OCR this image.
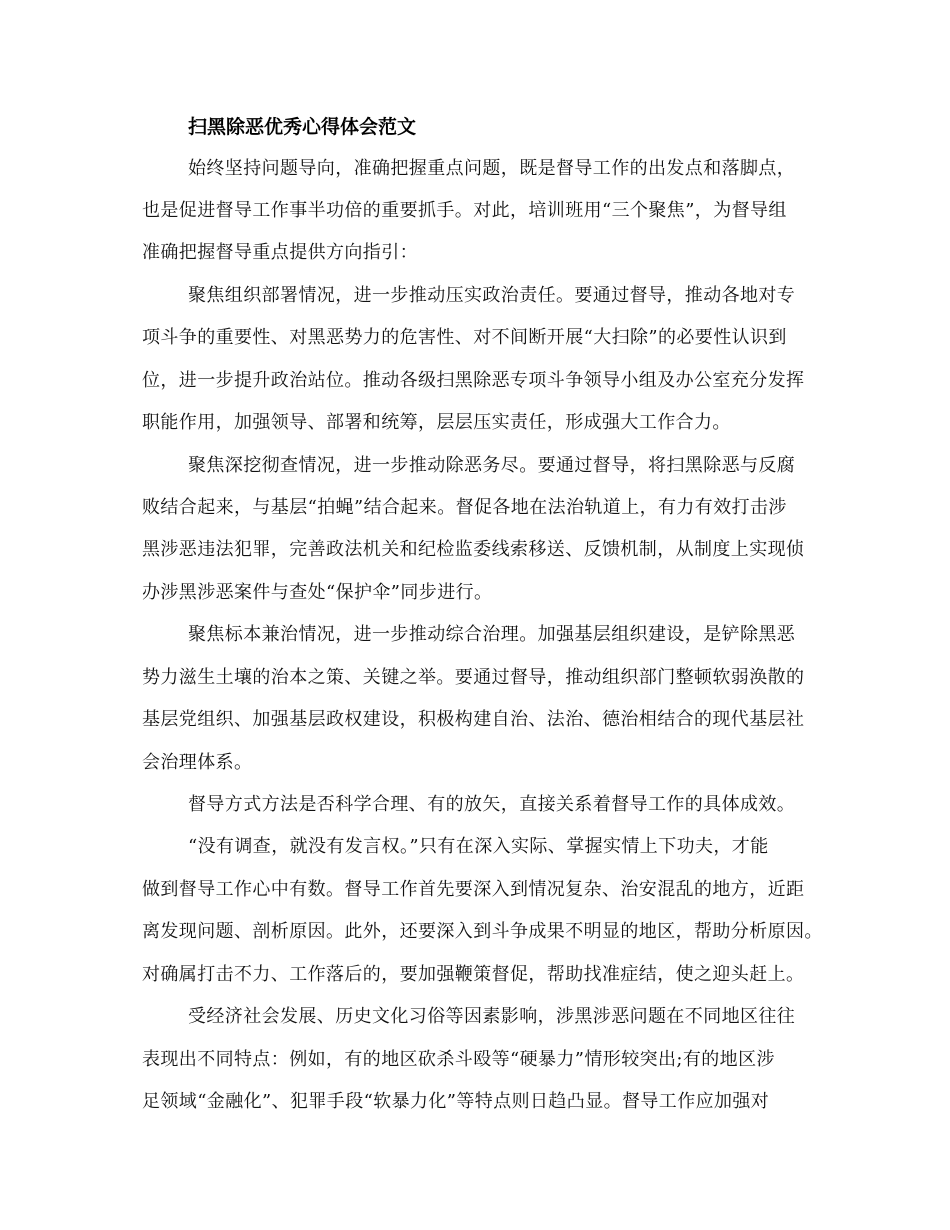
扫黑除恶优秀心得体会范文
始终坚持问题导向，准确把握重点问题，既是督导工作的出发点和落脚点，
也是促进督导工作事半功倍的重要抓手。对此，培训班用“三个聚焦”，为督导组
准确把握督导重点提供方向指引：
聚焦组织部署情况，进一步推动压实政治责任。要通过督导，推动各地对专
项斗争的重要性、对黑恶势力的危害性、对不间断开展“大扫除”的必要性认识到
位，进一步提升政治站位。推动各级扫黑除恶专项斗争领导小组及办公室充分发挥
职能作用，加强领导、部署和统筹，层层压实责任，形成强大工作合力。
聚焦深挖彻查情况，进一步推动除恶务尽。要通过督导，将扫黑除恶与反腐
败结合起来，与基层“拍蝇”结合起来。督促各地在法治轨道上，有力有效打击涉
黑涉恶违法犯罪，完善政法机关和纪检监委线索移送、反馈机制，从制度上实现侦
办涉黑涉恶案件与查处“保护伞”同步进行。
聚焦标本兼治情况，进一步推动综合治理。加强基层组织建设，是铲除黑恶
势力滋生土壤的治本之策、关键之举。要通过督导，推动组织部门整顿软弱涣散的
基层党组织、加强基层政权建设，积极构建自治、法治、德治相结合的现代基层社
会治理体系。
督导方式方法是否科学合理、有的放矢，直接关系着督导工作的具体成效。
“没有调查，就没有发言权。”只有在深入实际、掌握实情上下功夫，才能
做到督导工作心中有数。督导工作首先要深入到情况复杂、治安混乱的地方，近距
离发现问题、剖析原因。此外，还要深入到斗争成果不明显的地区，帮助分析原因。
对确属打击不力、工作落后的，要加强鞭策督促，帮助找准症结，使之迎头赶上。
受经济社会发展、历史文化习俗等因素影响，涉黑涉恶问题在不同地区往往
表现出不同特点：例如，有的地区砍杀斗殴等“硬暴力”情形较突出;有的地区涉
足领域“金融化”、犯罪手段“软暴力化”等特点则日趋凸显。督导工作应加强对
